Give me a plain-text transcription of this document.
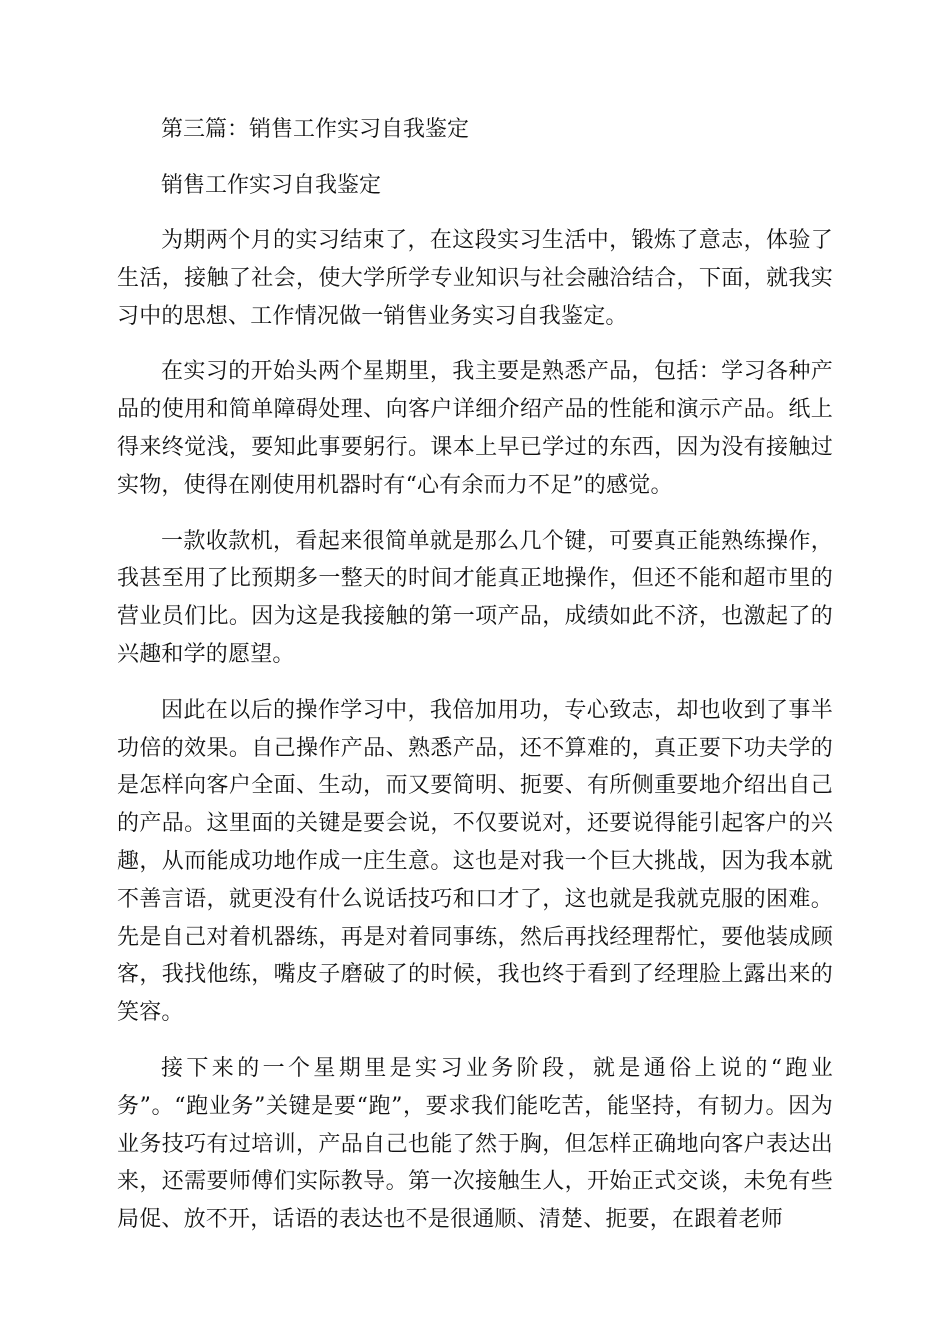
第三篇：销售工作实习自我鉴定

销售工作实习自我鉴定

为期两个月的实习结束了，在这段实习生活中，锻炼了意志，体验了生活，接触了社会，使大学所学专业知识与社会融洽结合，下面，就我实习中的思想、工作情况做一销售业务实习自我鉴定。

在实习的开始头两个星期里，我主要是熟悉产品，包括：学习各种产品的使用和简单障碍处理、向客户详细介绍产品的性能和演示产品。纸上得来终觉浅，要知此事要躬行。课本上早已学过的东西，因为没有接触过实物，使得在刚使用机器时有“心有余而力不足”的感觉。

一款收款机，看起来很简单就是那么几个键，可要真正能熟练操作，我甚至用了比预期多一整天的时间才能真正地操作，但还不能和超市里的营业员们比。因为这是我接触的第一项产品，成绩如此不济，也激起了的兴趣和学的愿望。

因此在以后的操作学习中，我倍加用功，专心致志，却也收到了事半功倍的效果。自己操作产品、熟悉产品，还不算难的，真正要下功夫学的是怎样向客户全面、生动，而又要简明、扼要、有所侧重要地介绍出自己的产品。这里面的关键是要会说，不仅要说对，还要说得能引起客户的兴趣，从而能成功地作成一庄生意。这也是对我一个巨大挑战，因为我本就不善言语，就更没有什么说话技巧和口才了，这也就是我就克服的困难。先是自己对着机器练，再是对着同事练，然后再找经理帮忙，要他装成顾客，我找他练，嘴皮子磨破了的时候，我也终于看到了经理脸上露出来的笑容。

接下来的一个星期里是实习业务阶段，就是通俗上说的“跑业务”。“跑业务”关键是要“跑”，要求我们能吃苦，能坚持，有韧力。因为业务技巧有过培训，产品自己也能了然于胸，但怎样正确地向客户表达出来，还需要师傅们实际教导。第一次接触生人，开始正式交谈，未免有些局促、放不开，话语的表达也不是很通顺、清楚、扼要，在跟着老师
